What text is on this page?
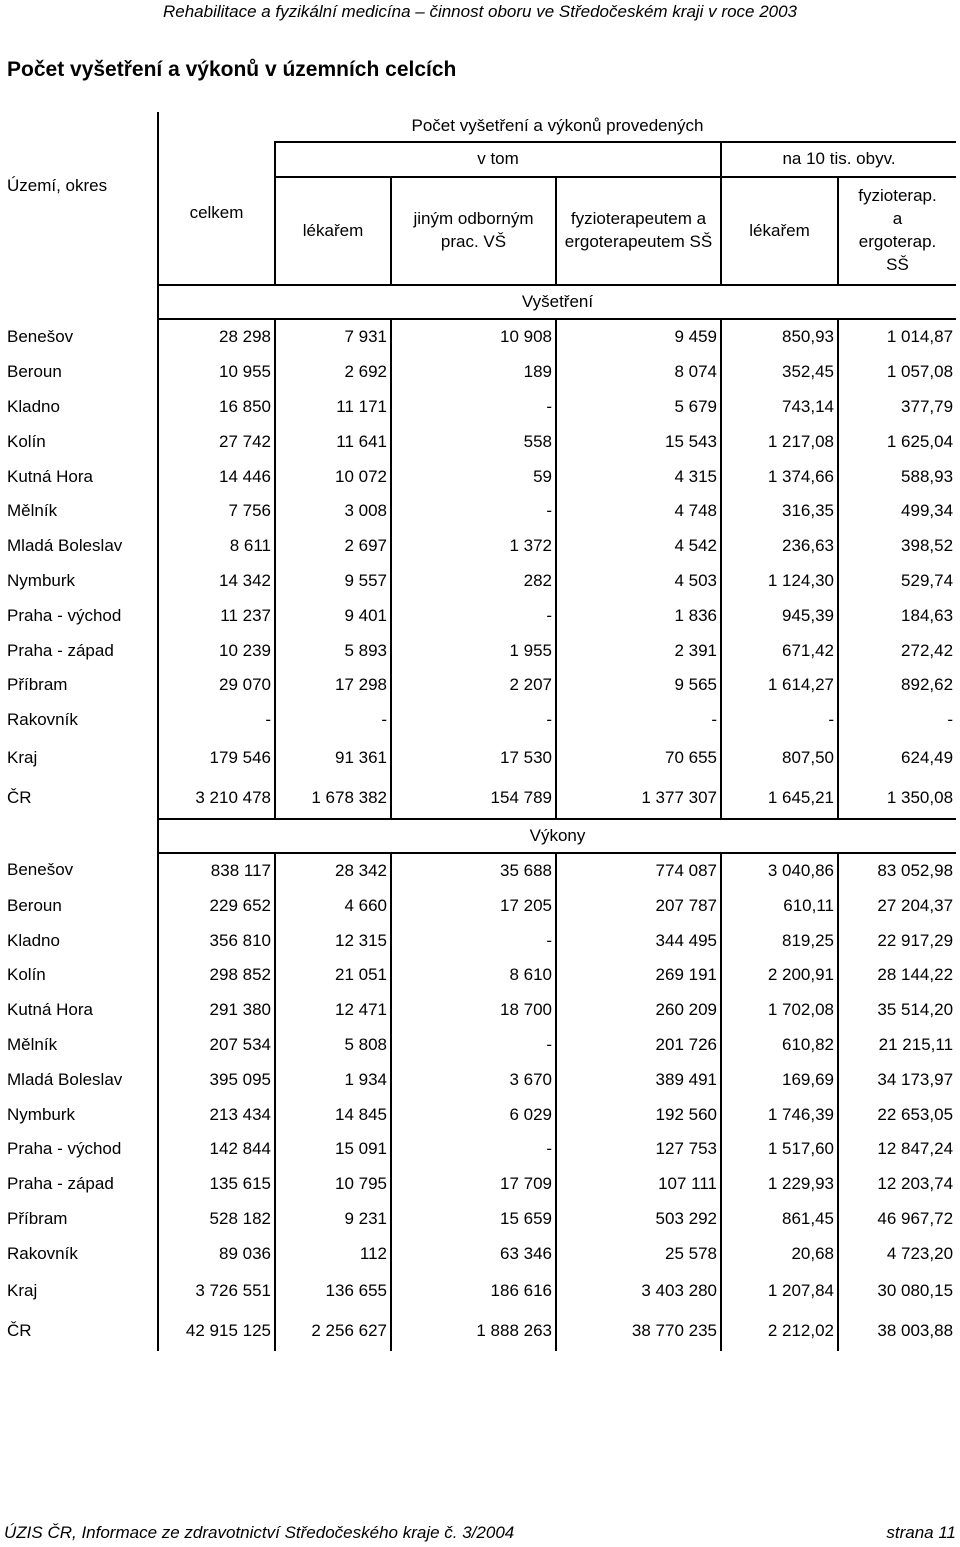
Rehabilitace a fyzikální medicína – činnost oboru ve Středočeském kraji v roce 2003
Počet vyšetření a výkonů v územních celcích
Území, okres	Počet vyšetření a výkonů provedených					
	celkem	v tom			na 10 tis. obyv.	
		lékařem	jiným odborným prac. VŠ	fyzioterapeutem a ergoterapeutem SŠ	lékařem	fyzioterap. a ergoterap. SŠ
	Vyšetření					
Benešov	28 298	7 931	10 908	9 459	850,93	1 014,87
Beroun	10 955	2 692	189	8 074	352,45	1 057,08
Kladno	16 850	11 171	-	5 679	743,14	377,79
Kolín	27 742	11 641	558	15 543	1 217,08	1 625,04
Kutná Hora	14 446	10 072	59	4 315	1 374,66	588,93
Mělník	7 756	3 008	-	4 748	316,35	499,34
Mladá Boleslav	8 611	2 697	1 372	4 542	236,63	398,52
Nymburk	14 342	9 557	282	4 503	1 124,30	529,74
Praha - východ	11 237	9 401	-	1 836	945,39	184,63
Praha - západ	10 239	5 893	1 955	2 391	671,42	272,42
Příbram	29 070	17 298	2 207	9 565	1 614,27	892,62
Rakovník	-	-	-	-	-	-
Kraj	179 546	91 361	17 530	70 655	807,50	624,49
ČR	3 210 478	1 678 382	154 789	1 377 307	1 645,21	1 350,08
	Výkony					
Benešov	838 117	28 342	35 688	774 087	3 040,86	83 052,98
Beroun	229 652	4 660	17 205	207 787	610,11	27 204,37
Kladno	356 810	12 315	-	344 495	819,25	22 917,29
Kolín	298 852	21 051	8 610	269 191	2 200,91	28 144,22
Kutná Hora	291 380	12 471	18 700	260 209	1 702,08	35 514,20
Mělník	207 534	5 808	-	201 726	610,82	21 215,11
Mladá Boleslav	395 095	1 934	3 670	389 491	169,69	34 173,97
Nymburk	213 434	14 845	6 029	192 560	1 746,39	22 653,05
Praha - východ	142 844	15 091	-	127 753	1 517,60	12 847,24
Praha - západ	135 615	10 795	17 709	107 111	1 229,93	12 203,74
Příbram	528 182	9 231	15 659	503 292	861,45	46 967,72
Rakovník	89 036	112	63 346	25 578	20,68	4 723,20
Kraj	3 726 551	136 655	186 616	3 403 280	1 207,84	30 080,15
ČR	42 915 125	2 256 627	1 888 263	38 770 235	2 212,02	38 003,88
ÚZIS ČR, Informace ze zdravotnictví Středočeského kraje č. 3/2004	strana 11
